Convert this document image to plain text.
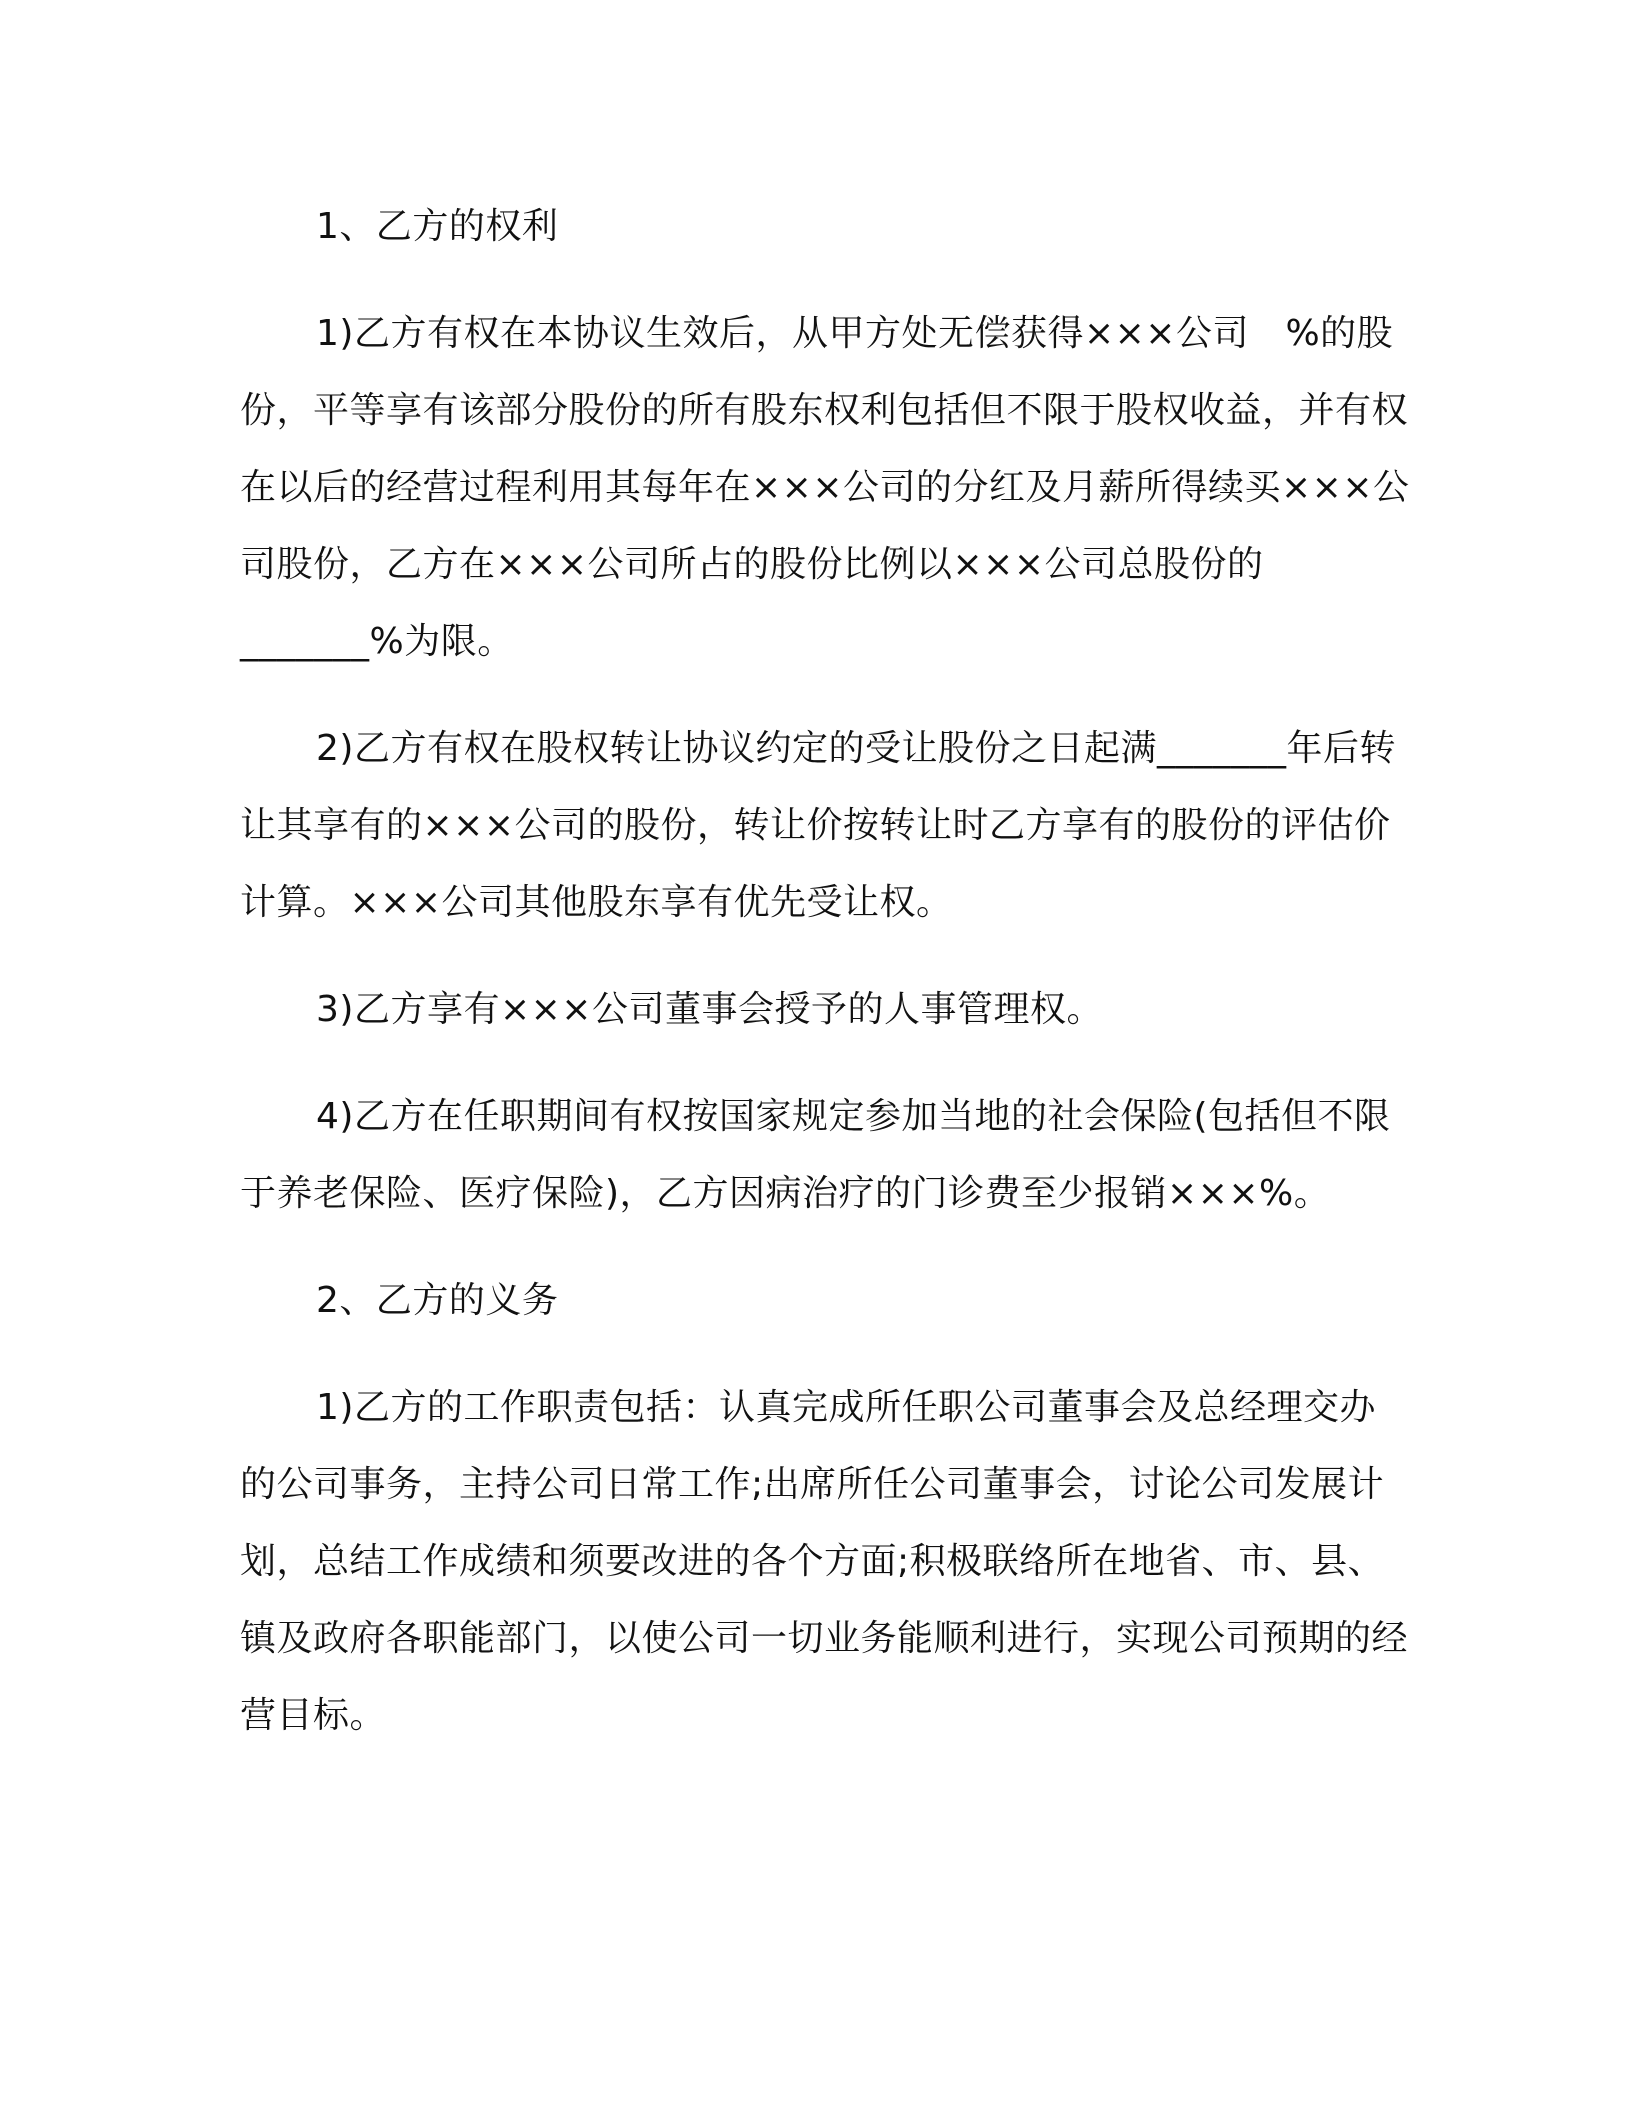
1、乙方的权利

1)乙方有权在本协议生效后，从甲方处无偿获得×××公司　%的股份，平等享有该部分股份的所有股东权利包括但不限于股权收益，并有权在以后的经营过程利用其每年在×××公司的分红及月薪所得续买×××公司股份，乙方在×××公司所占的股份比例以×××公司总股份的_______%为限。

2)乙方有权在股权转让协议约定的受让股份之日起满_______年后转让其享有的×××公司的股份，转让价按转让时乙方享有的股份的评估价计算。×××公司其他股东享有优先受让权。

3)乙方享有×××公司董事会授予的人事管理权。

4)乙方在任职期间有权按国家规定参加当地的社会保险(包括但不限于养老保险、医疗保险)，乙方因病治疗的门诊费至少报销×××%。

2、乙方的义务

1)乙方的工作职责包括：认真完成所任职公司董事会及总经理交办的公司事务，主持公司日常工作;出席所任公司董事会，讨论公司发展计划，总结工作成绩和须要改进的各个方面;积极联络所在地省、市、县、镇及政府各职能部门，以使公司一切业务能顺利进行，实现公司预期的经营目标。
